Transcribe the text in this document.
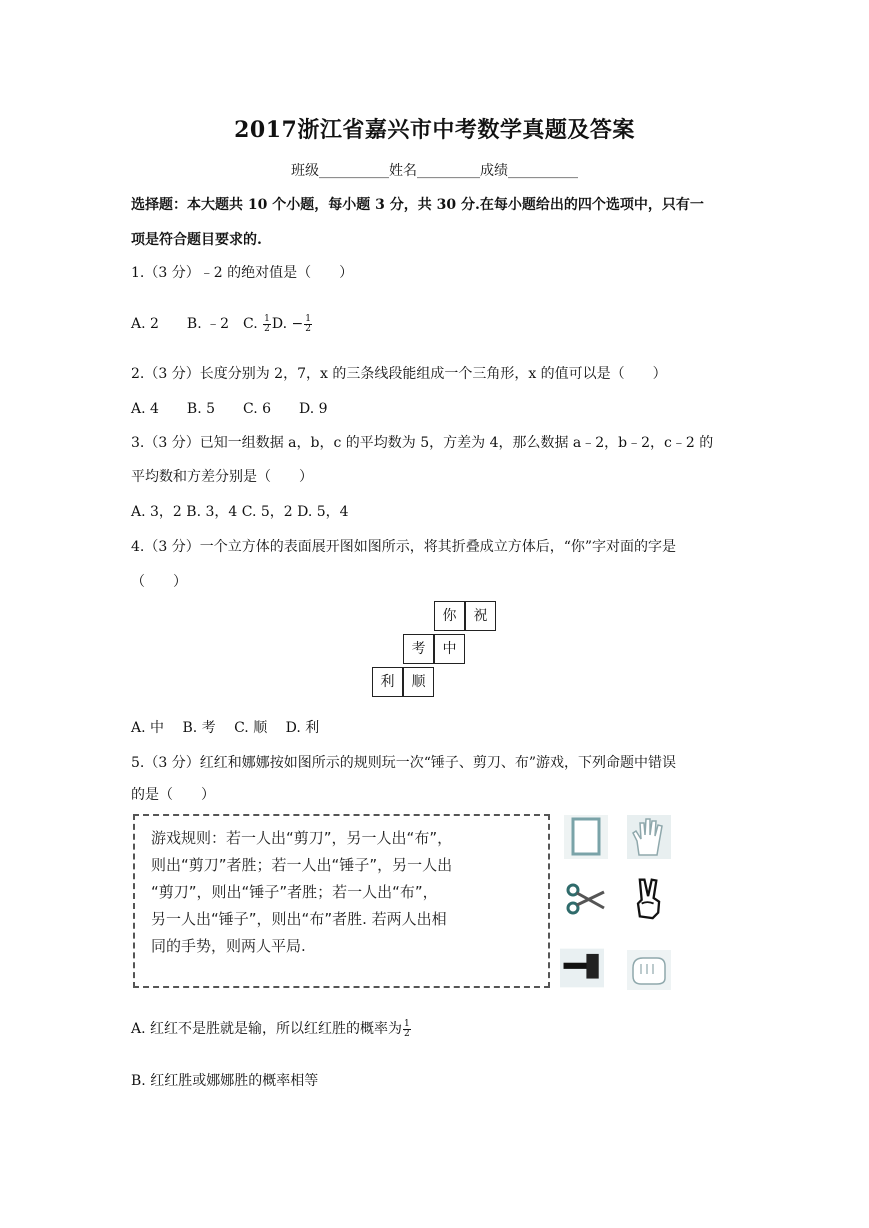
2017浙江省嘉兴市中考数学真题及答案
班级__________姓名_________成绩__________
选择题：本大题共 10 个小题，每小题 3 分，共 30 分.在每小题给出的四个选项中，只有一
项是符合题目要求的.
1.（3 分）﹣2 的绝对值是（　　）
A. 2　　B. ﹣2　C. $\frac{1}{2} D$. − $\frac{1}{2}$
2.（3 分）长度分别为 2，7，x 的三条线段能组成一个三角形，x 的值可以是（　　）
A. 4　　B. 5　　C. 6　　D. 9
3.（3 分）已知一组数据 a，b，c 的平均数为 5，方差为 4，那么数据 a﹣2，b﹣2，c﹣2 的
平均数和方差分别是（　　）
A. 3，2 B. 3，4 C. 5，2 D. 5，4
4.（3 分）一个立方体的表面展开图如图所示，将其折叠成立方体后，“你”字对面的字是
（　　）
你	祝
考	中
利	顺
A. 中　 B. 考　 C. 顺　 D. 利
5.（3 分）红红和娜娜按如图所示的规则玩一次“锤子、剪刀、布”游戏，下列命题中错误
的是（　　）

游戏规则：若一人出“剪刀”，另一人出“布”，

则出“剪刀”者胜；若一人出“锤子”，另一人出

“剪刀”，则出“锤子”者胜；若一人出“布”，

另一人出“锤子”，则出“布”者胜. 若两人出相

同的手势，则两人平局.

A. 红红不是胜就是输，所以红红胜的概率为 $\frac{1}{2}$
B. 红红胜或娜娜胜的概率相等
